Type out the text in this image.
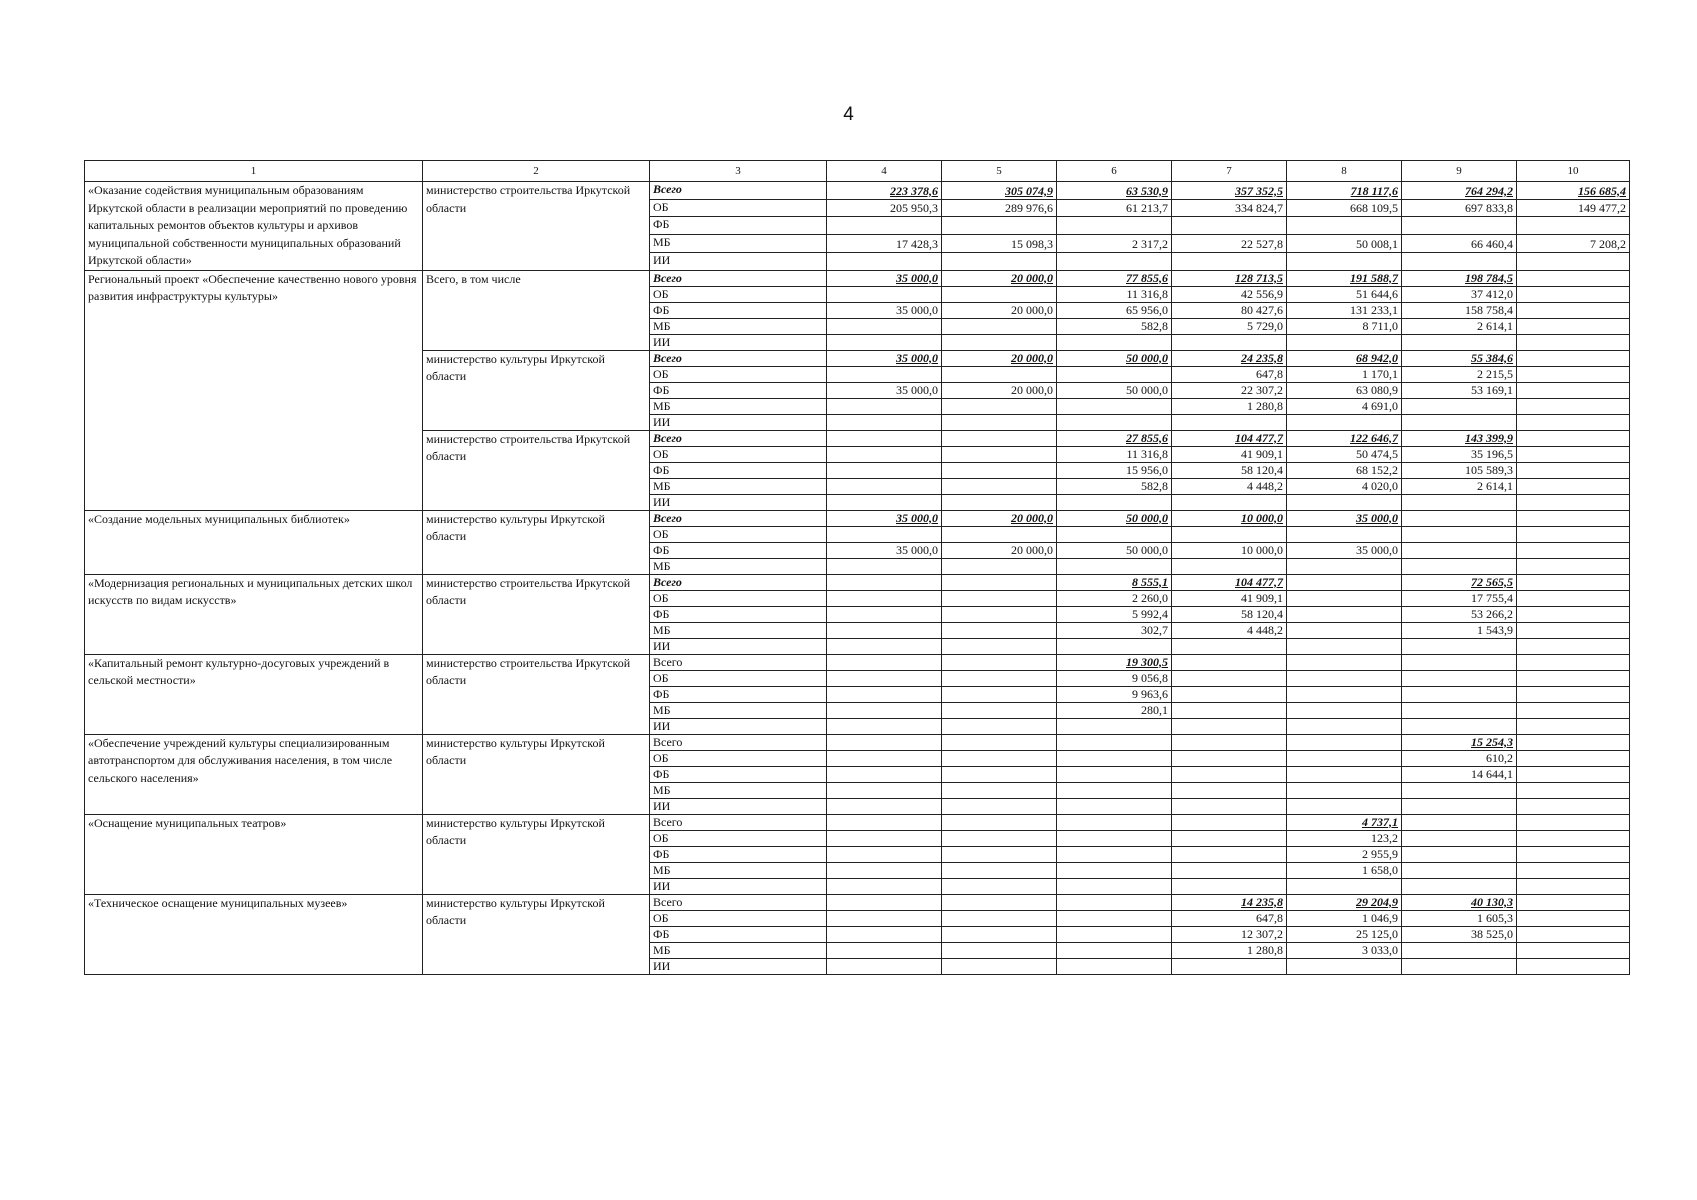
4
1	2	3	4	5	6	7	8	9	10
«Оказание содействия муниципальным образованиям Иркутской области в реализации мероприятий по проведению капитальных ремонтов объектов культуры и архивов муниципальной собственности муниципальных образований Иркутской области»	министерство строительства Иркутской области	Всего	223 378,6	305 074,9	63 530,9	357 352,5	718 117,6	764 294,2	156 685,4
		ОБ	205 950,3	289 976,6	61 213,7	334 824,7	668 109,5	697 833,8	149 477,2
		ФБ							
		МБ	17 428,3	15 098,3	2 317,2	22 527,8	50 008,1	66 460,4	7 208,2
		ИИ							
Региональный проект «Обеспечение качественно нового уровня развития инфраструктуры культуры»	Всего, в том числе	Всего	35 000,0	20 000,0	77 855,6	128 713,5	191 588,7	198 784,5	
		ОБ			11 316,8	42 556,9	51 644,6	37 412,0	
		ФБ	35 000,0	20 000,0	65 956,0	80 427,6	131 233,1	158 758,4	
		МБ			582,8	5 729,0	8 711,0	2 614,1	
		ИИ							
	министерство культуры Иркутской области	Всего	35 000,0	20 000,0	50 000,0	24 235,8	68 942,0	55 384,6	
		ОБ				647,8	1 170,1	2 215,5	
		ФБ	35 000,0	20 000,0	50 000,0	22 307,2	63 080,9	53 169,1	
		МБ				1 280,8	4 691,0		
		ИИ							
	министерство строительства Иркутской области	Всего			27 855,6	104 477,7	122 646,7	143 399,9	
		ОБ			11 316,8	41 909,1	50 474,5	35 196,5	
		ФБ			15 956,0	58 120,4	68 152,2	105 589,3	
		МБ			582,8	4 448,2	4 020,0	2 614,1	
		ИИ							
«Создание модельных муниципальных библиотек»	министерство культуры Иркутской области	Всего	35 000,0	20 000,0	50 000,0	10 000,0	35 000,0		
		ОБ							
		ФБ	35 000,0	20 000,0	50 000,0	10 000,0	35 000,0		
		МБ							
«Модернизация региональных и муниципальных детских школ искусств по видам искусств»	министерство строительства Иркутской области	Всего			8 555,1	104 477,7		72 565,5	
		ОБ			2 260,0	41 909,1		17 755,4	
		ФБ			5 992,4	58 120,4		53 266,2	
		МБ			302,7	4 448,2		1 543,9	
		ИИ							
«Капитальный ремонт культурно-досуговых учреждений в сельской местности»	министерство строительства Иркутской области	Всего			19 300,5				
		ОБ			9 056,8				
		ФБ			9 963,6				
		МБ			280,1				
		ИИ							
«Обеспечение учреждений культуры специализированным автотранспортом для обслуживания населения, в том числе сельского населения»	министерство культуры Иркутской области	Всего						15 254,3	
		ОБ						610,2	
		ФБ						14 644,1	
		МБ							
		ИИ							
«Оснащение муниципальных театров»	министерство культуры Иркутской области	Всего					4 737,1		
		ОБ					123,2		
		ФБ					2 955,9		
		МБ					1 658,0		
		ИИ							
«Техническое оснащение муниципальных музеев»	министерство культуры Иркутской области	Всего				14 235,8	29 204,9	40 130,3	
		ОБ				647,8	1 046,9	1 605,3	
		ФБ				12 307,2	25 125,0	38 525,0	
		МБ				1 280,8	3 033,0		
		ИИ							
